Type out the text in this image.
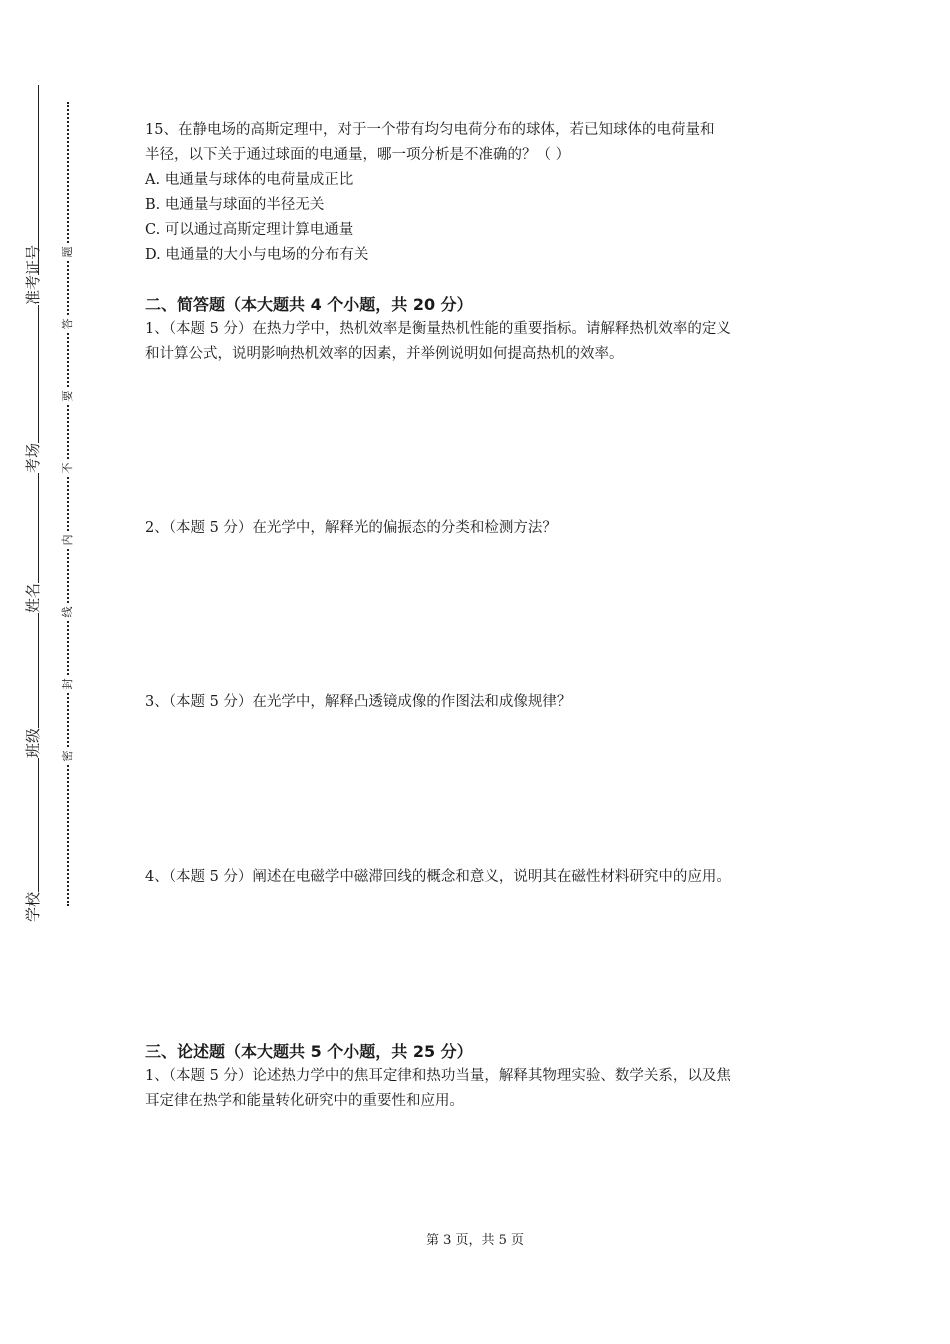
准考证号
考场
姓名
班级
学校
题
答
要
不
内
线
封
密

15、在静电场的高斯定理中，对于一个带有均匀电荷分布的球体，若已知球体的电荷量和

半径，以下关于通过球面的电通量，哪一项分析是不准确的？（ ）

A. 电通量与球体的电荷量成正比

B. 电通量与球面的半径无关

C. 可以通过高斯定理计算电通量

D. 电通量的大小与电场的分布有关

二、简答题（本大题共 4 个小题，共 20 分）

1、（本题 5 分）在热力学中，热机效率是衡量热机性能的重要指标。请解释热机效率的定义

和计算公式，说明影响热机效率的因素，并举例说明如何提高热机的效率。

2、（本题 5 分）在光学中，解释光的偏振态的分类和检测方法？

3、（本题 5 分）在光学中，解释凸透镜成像的作图法和成像规律？

4、（本题 5 分）阐述在电磁学中磁滞回线的概念和意义，说明其在磁性材料研究中的应用。

三、论述题（本大题共 5 个小题，共 25 分）

1、（本题 5 分）论述热力学中的焦耳定律和热功当量，解释其物理实验、数学关系，以及焦

耳定律在热学和能量转化研究中的重要性和应用。

第 3 页，共 5 页
